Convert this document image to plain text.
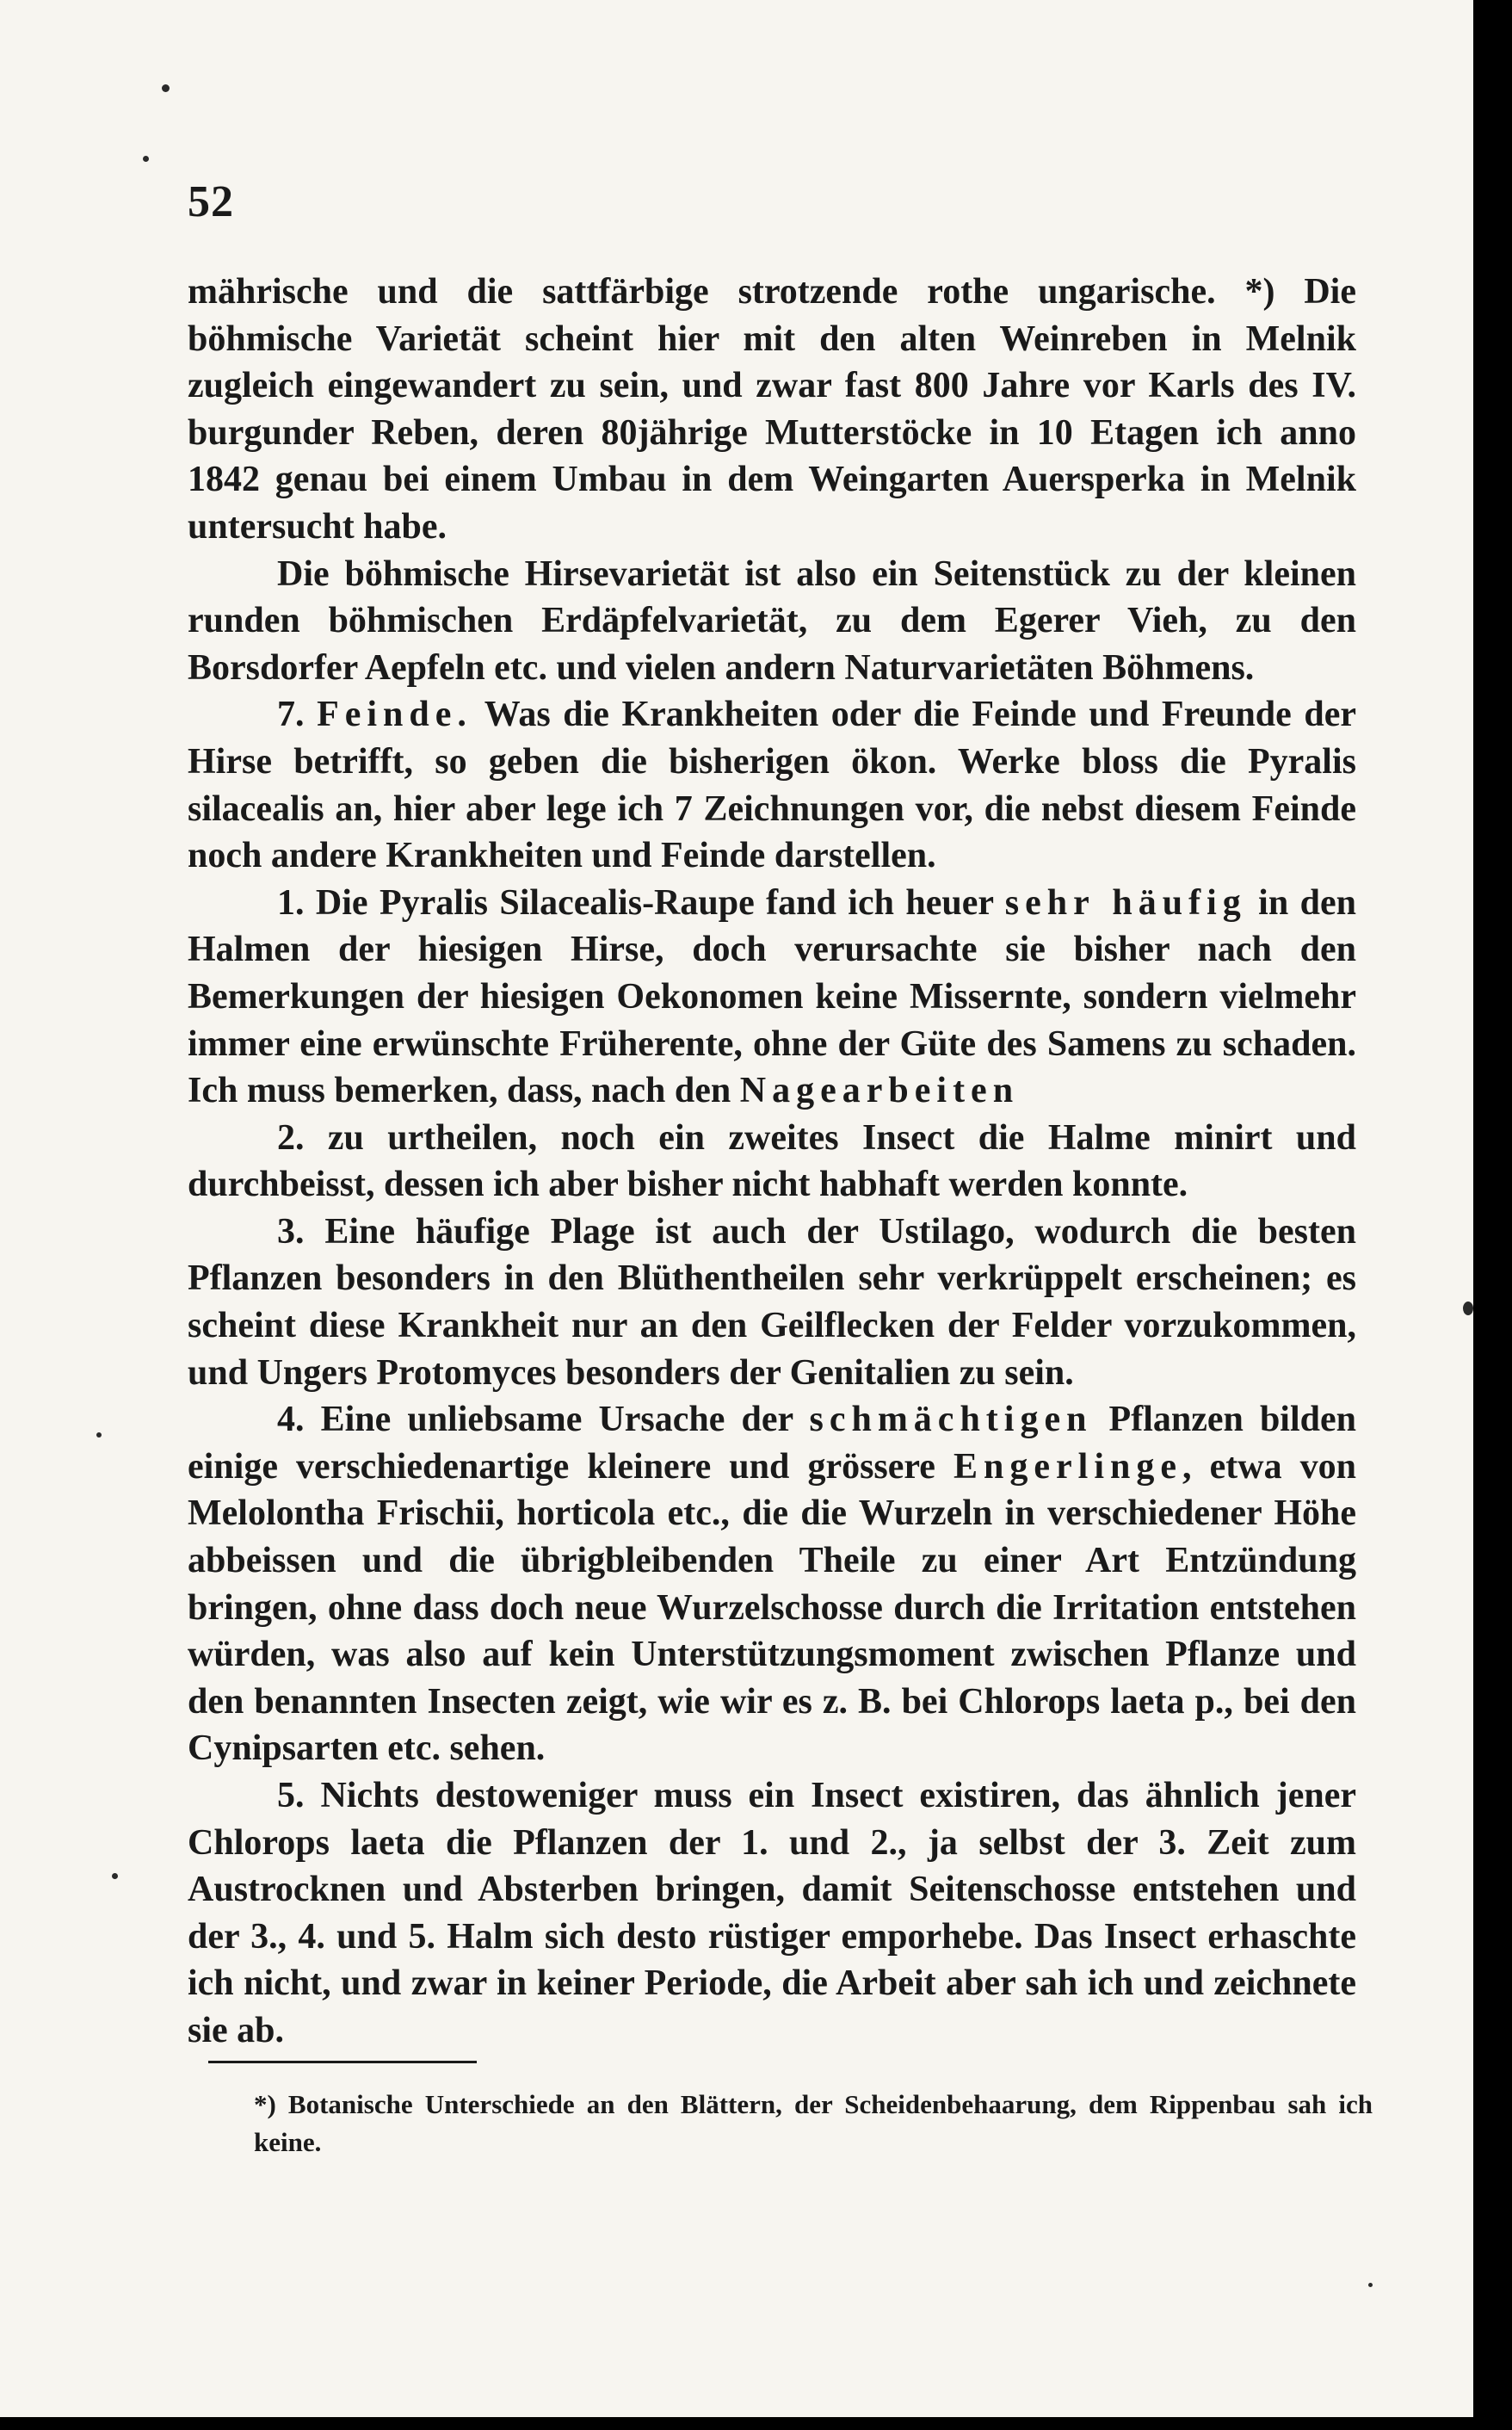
52

mährische und die sattfärbige strotzende rothe ungarische. *) Die böhmische Varietät scheint hier mit den alten Weinreben in Melnik zugleich eingewandert zu sein, und zwar fast 800 Jahre vor Karls des IV. burgunder Reben, deren 80jährige Mutterstöcke in 10 Etagen ich anno 1842 genau bei einem Umbau in dem Weingarten Auersperka in Melnik untersucht habe.

Die böhmische Hirsevarietät ist also ein Seitenstück zu der kleinen runden böhmischen Erdäpfelvarietät, zu dem Egerer Vieh, zu den Borsdorfer Aepfeln etc. und vielen andern Naturvarietäten Böhmens.

7. Feinde. Was die Krankheiten oder die Feinde und Freunde der Hirse betrifft, so geben die bisherigen ökon. Werke bloss die Pyralis silacealis an, hier aber lege ich 7 Zeichnungen vor, die nebst diesem Feinde noch andere Krankheiten und Feinde darstellen.

1. Die Pyralis Silacealis-Raupe fand ich heuer sehr häufig in den Halmen der hiesigen Hirse, doch verursachte sie bisher nach den Bemerkungen der hiesigen Oekonomen keine Missernte, sondern vielmehr immer eine erwünschte Früherente, ohne der Güte des Samens zu schaden. Ich muss bemerken, dass, nach den Nagearbeiten

2. zu urtheilen, noch ein zweites Insect die Halme minirt und durchbeisst, dessen ich aber bisher nicht habhaft werden konnte.

3. Eine häufige Plage ist auch der Ustilago, wodurch die besten Pflanzen besonders in den Blüthentheilen sehr verkrüppelt erscheinen; es scheint diese Krankheit nur an den Geilflecken der Felder vorzukommen, und Ungers Protomyces besonders der Genitalien zu sein.

4. Eine unliebsame Ursache der schmächtigen Pflanzen bilden einige verschiedenartige kleinere und grössere Engerlinge, etwa von Melolontha Frischii, horticola etc., die die Wurzeln in verschiedener Höhe abbeissen und die übrigbleibenden Theile zu einer Art Entzündung bringen, ohne dass doch neue Wurzelschosse durch die Irritation entstehen würden, was also auf kein Unterstützungsmoment zwischen Pflanze und den benannten Insecten zeigt, wie wir es z. B. bei Chlorops laeta p., bei den Cynipsarten etc. sehen.

5. Nichts destoweniger muss ein Insect existiren, das ähnlich jener Chlorops laeta die Pflanzen der 1. und 2., ja selbst der 3. Zeit zum Austrocknen und Absterben bringen, damit Seitenschosse entstehen und der 3., 4. und 5. Halm sich desto rüstiger emporhebe. Das Insect erhaschte ich nicht, und zwar in keiner Periode, die Arbeit aber sah ich und zeichnete sie ab.

*) Botanische Unterschiede an den Blättern, der Scheidenbehaarung, dem Rippenbau sah ich keine.
